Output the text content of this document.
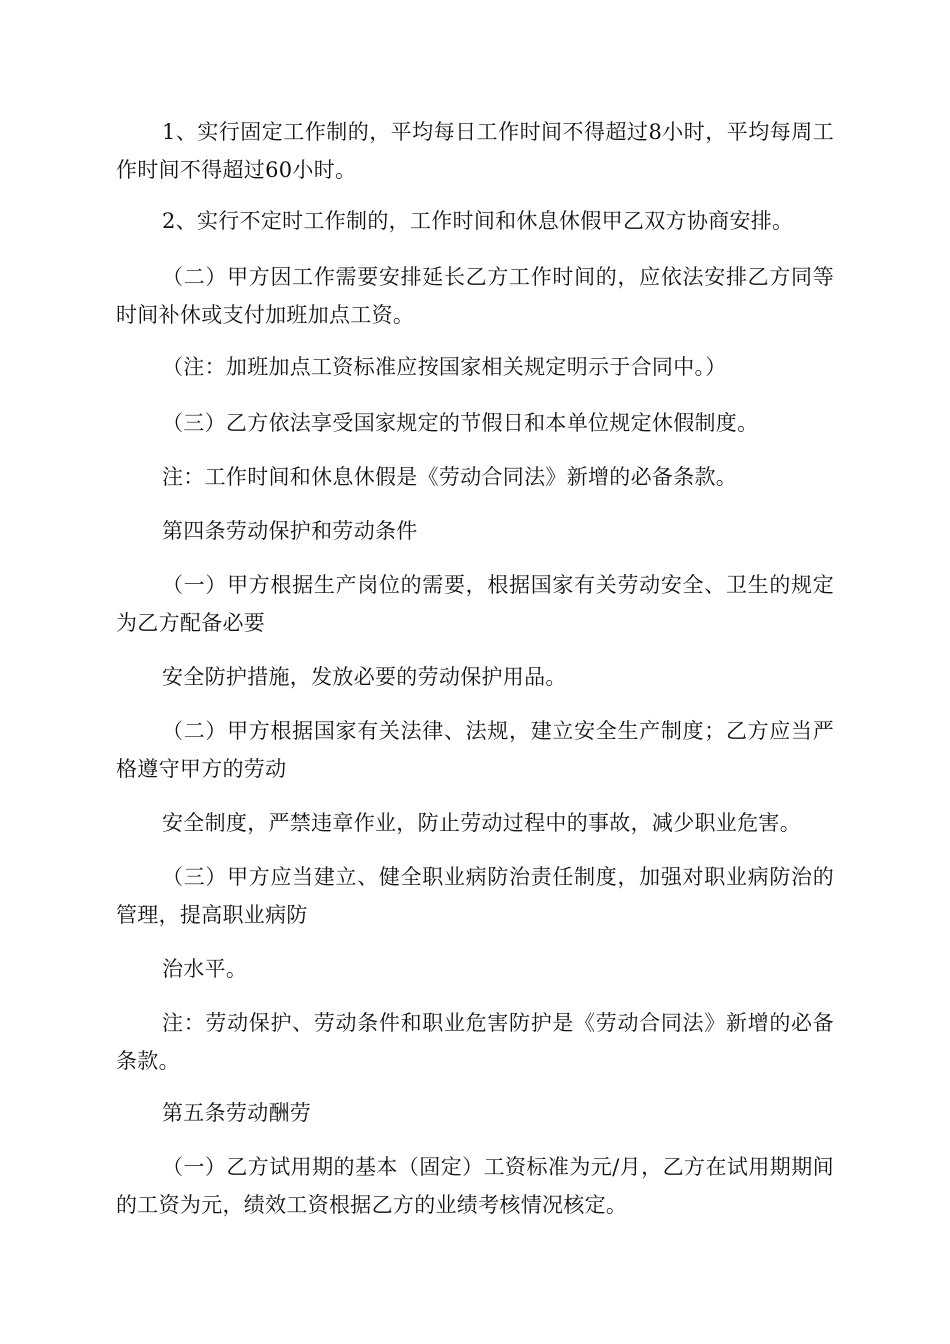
1、实行固定工作制的，平均每日工作时间不得超过8小时，平均每周工作时间不得超过60小时。

2、实行不定时工作制的，工作时间和休息休假甲乙双方协商安排。

（二）甲方因工作需要安排延长乙方工作时间的，应依法安排乙方同等时间补休或支付加班加点工资。

（注：加班加点工资标准应按国家相关规定明示于合同中。）

（三）乙方依法享受国家规定的节假日和本单位规定休假制度。

注：工作时间和休息休假是《劳动合同法》新增的必备条款。

第四条劳动保护和劳动条件

（一）甲方根据生产岗位的需要，根据国家有关劳动安全、卫生的规定为乙方配备必要

安全防护措施，发放必要的劳动保护用品。

（二）甲方根据国家有关法律、法规，建立安全生产制度；乙方应当严格遵守甲方的劳动

安全制度，严禁违章作业，防止劳动过程中的事故，减少职业危害。

（三）甲方应当建立、健全职业病防治责任制度，加强对职业病防治的管理，提高职业病防

治水平。

注：劳动保护、劳动条件和职业危害防护是《劳动合同法》新增的必备条款。

第五条劳动酬劳

（一）乙方试用期的基本（固定）工资标准为元/月，乙方在试用期期间的工资为元，绩效工资根据乙方的业绩考核情况核定。
